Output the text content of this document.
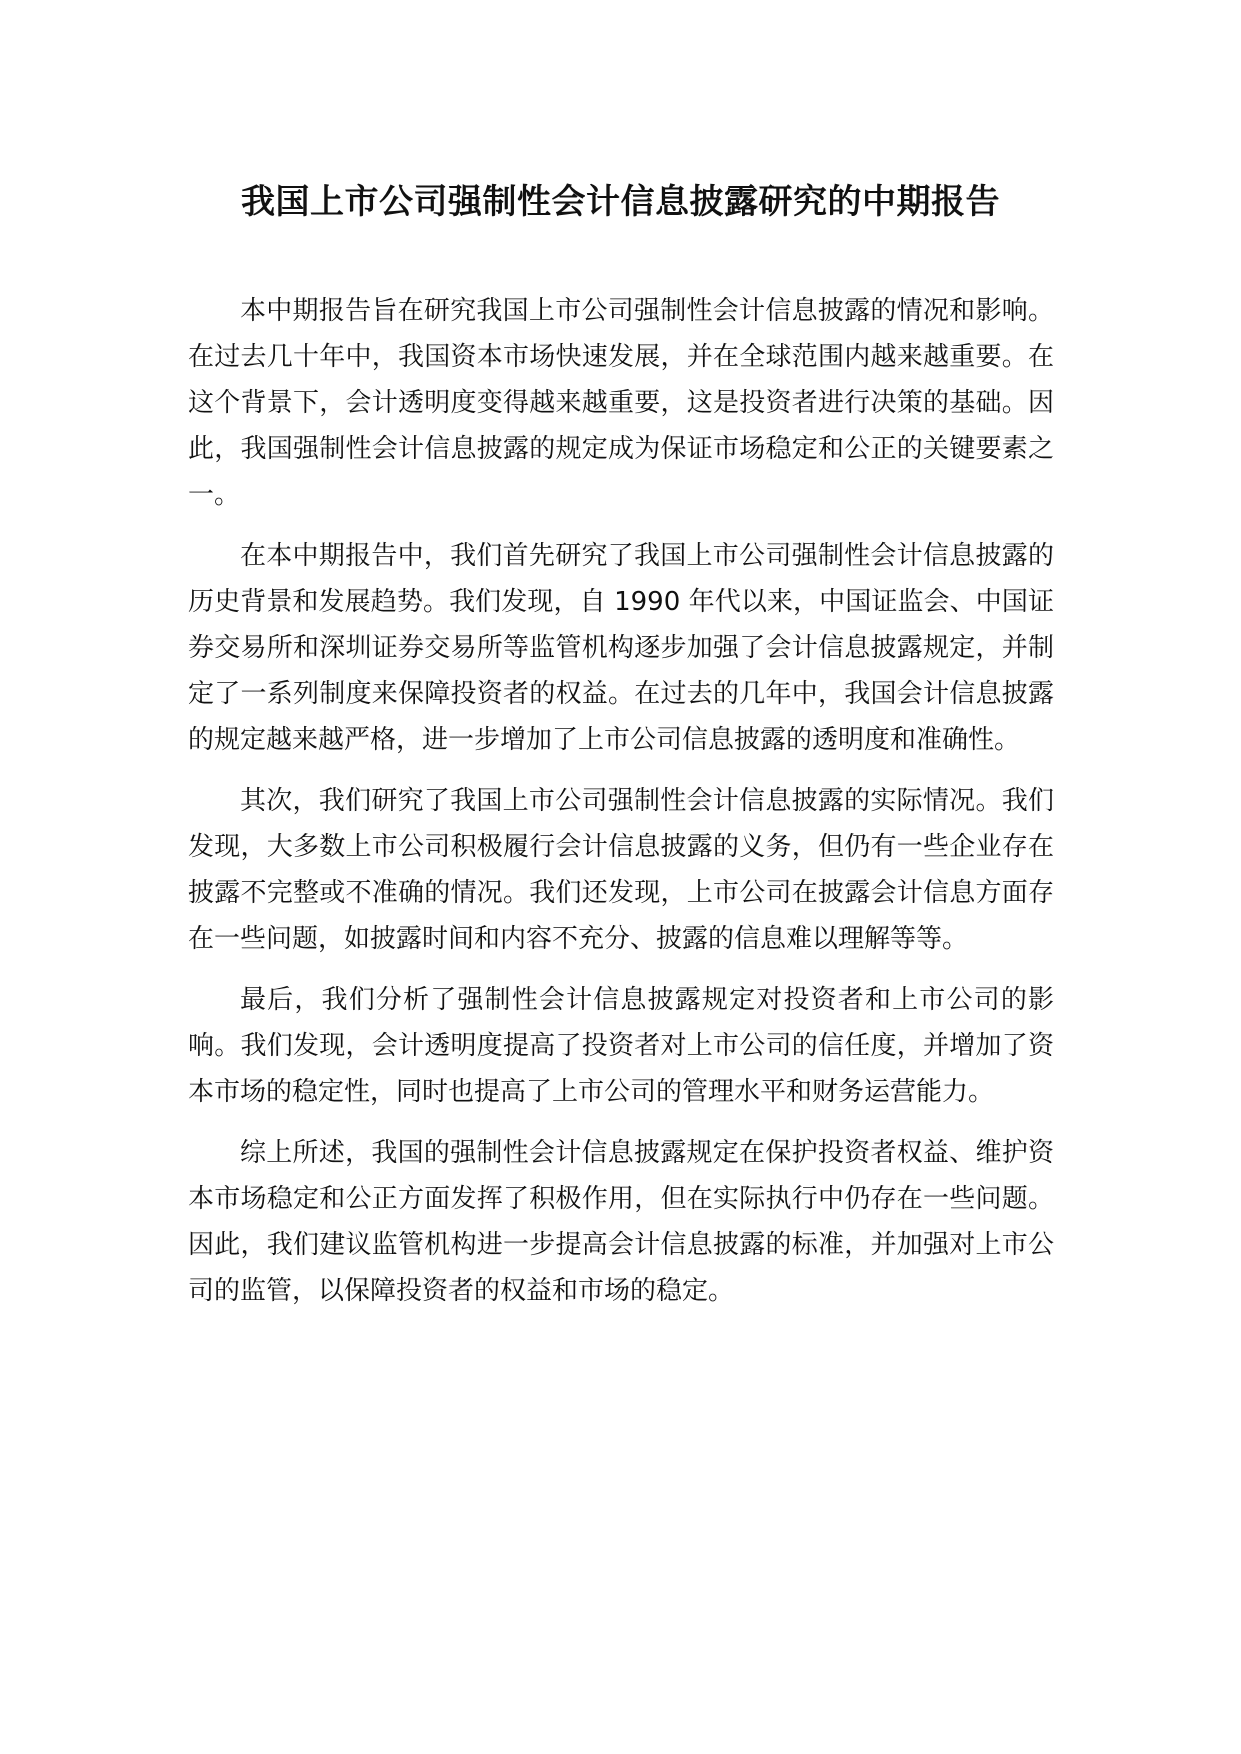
我国上市公司强制性会计信息披露研究的中期报告

本中期报告旨在研究我国上市公司强制性会计信息披露的情况和影响。在过去几十年中，我国资本市场快速发展，并在全球范围内越来越重要。在这个背景下，会计透明度变得越来越重要，这是投资者进行决策的基础。因此，我国强制性会计信息披露的规定成为保证市场稳定和公正的关键要素之一。

在本中期报告中，我们首先研究了我国上市公司强制性会计信息披露的历史背景和发展趋势。我们发现，自 1990 年代以来，中国证监会、中国证券交易所和深圳证券交易所等监管机构逐步加强了会计信息披露规定，并制定了一系列制度来保障投资者的权益。在过去的几年中，我国会计信息披露的规定越来越严格，进一步增加了上市公司信息披露的透明度和准确性。

其次，我们研究了我国上市公司强制性会计信息披露的实际情况。我们发现，大多数上市公司积极履行会计信息披露的义务，但仍有一些企业存在披露不完整或不准确的情况。我们还发现，上市公司在披露会计信息方面存在一些问题，如披露时间和内容不充分、披露的信息难以理解等等。

最后，我们分析了强制性会计信息披露规定对投资者和上市公司的影响。我们发现，会计透明度提高了投资者对上市公司的信任度，并增加了资本市场的稳定性，同时也提高了上市公司的管理水平和财务运营能力。

综上所述，我国的强制性会计信息披露规定在保护投资者权益、维护资本市场稳定和公正方面发挥了积极作用，但在实际执行中仍存在一些问题。因此，我们建议监管机构进一步提高会计信息披露的标准，并加强对上市公司的监管，以保障投资者的权益和市场的稳定。
